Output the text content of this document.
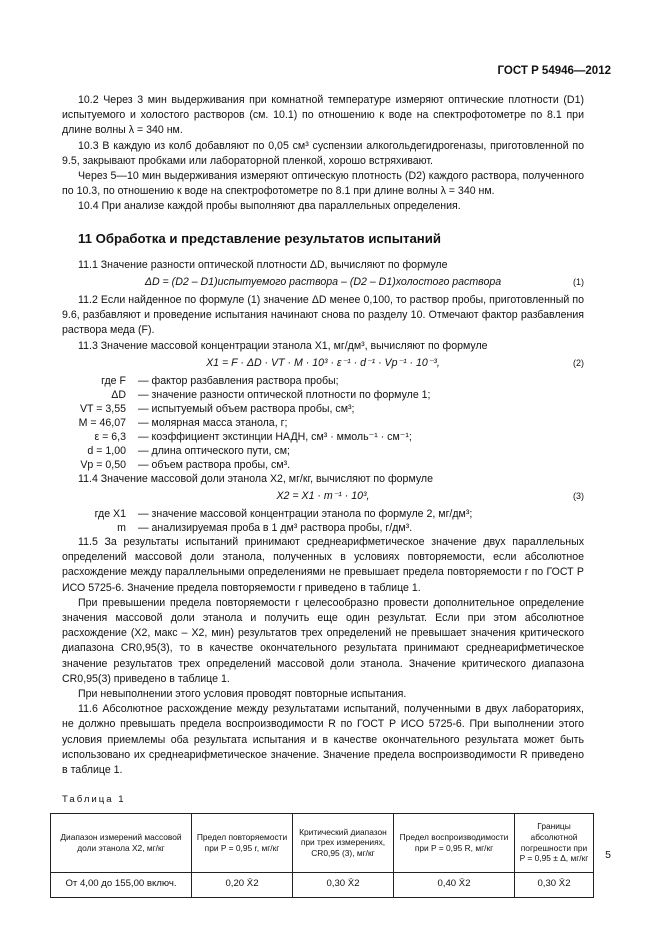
ГОСТ Р 54946—2012

10.2 Через 3 мин выдерживания при комнатной температуре измеряют оптические плотности (D1) испытуемого и холостого растворов (см. 10.1) по отношению к воде на спектрофотометре по 8.1 при длине волны λ = 340 нм.

10.3 В каждую из колб добавляют по 0,05 см³ суспензии алкогольдегидрогеназы, приготовленной по 9.5, закрывают пробками или лабораторной пленкой, хорошо встряхивают.

Через 5—10 мин выдерживания измеряют оптическую плотность (D2) каждого раствора, полученного по 10.3, по отношению к воде на спектрофотометре по 8.1 при длине волны λ = 340 нм.

10.4 При анализе каждой пробы выполняют два параллельных определения.

11 Обработка и представление результатов испытаний

11.1 Значение разности оптической плотности ΔD, вычисляют по формуле

ΔD = (D2 – D1)испытуемого раствора – (D2 – D1)холостого раствора	(1)

11.2 Если найденное по формуле (1) значение ΔD менее 0,100, то раствор пробы, приготовленный по 9.6, разбавляют и проведение испытания начинают снова по разделу 10. Отмечают фактор разбавления раствора меда (F).

11.3 Значение массовой концентрации этанола X1, мг/дм³, вычисляют по формуле

X1 = F · ΔD · VT · M · 10³ · ε⁻¹ · d⁻¹ · Vp⁻¹ · 10⁻³,	(2)
где F — фактор разбавления раствора пробы;
ΔD — значение разности оптической плотности по формуле 1;
VT = 3,55 — испытуемый объем раствора пробы, см³;
M = 46,07 — молярная масса этанола, г;
ε = 6,3 — коэффициент экстинции НАДН, см³ · ммоль⁻¹ · см⁻¹;
d = 1,00 — длина оптического пути, см;
Vp = 0,50 — объем раствора пробы, см³.

11.4 Значение массовой доли этанола X2, мг/кг, вычисляют по формуле

X2 = X1 · m⁻¹ · 10³,	(3)
где X1 — значение массовой концентрации этанола по формуле 2, мг/дм³;
m — анализируемая проба в 1 дм³ раствора пробы, г/дм³.

11.5 За результаты испытаний принимают среднеарифметическое значение двух параллельных определений массовой доли этанола, полученных в условиях повторяемости, если абсолютное расхождение между параллельными определениями не превышает предела повторяемости r по ГОСТ Р ИСО 5725-6. Значение предела повторяемости r приведено в таблице 1.

При превышении предела повторяемости r целесообразно провести дополнительное определение значения массовой доли этанола и получить еще один результат. Если при этом абсолютное расхождение (X2, макс – X2, мин) результатов трех определений не превышает значения критического диапазона CR0,95(3), то в качестве окончательного результата принимают среднеарифметическое значение результатов трех определений массовой доли этанола. Значение критического диапазона CR0,95(3) приведено в таблице 1.

При невыполнении этого условия проводят повторные испытания.

11.6 Абсолютное расхождение между результатами испытаний, полученными в двух лабораториях, не должно превышать предела воспроизводимости R по ГОСТ Р ИСО 5725-6. При выполнении этого условия приемлемы оба результата испытания и в качестве окончательного результата может быть использовано их среднеарифметическое значение. Значение предела воспроизводимости R приведено в таблице 1.

Таблица 1
Диапазон измерений массовой доли этанола X2, мг/кг	Предел повторяемости при P = 0,95 r, мг/кг	Критический диапазон при трех измерениях, CR0,95 (3), мг/кг	Предел воспроизводимости при P = 0,95 R, мг/кг	Границы абсолютной погрешности при P = 0,95 ± Δ, мг/кг
От 4,00 до 155,00 включ.	0,20 X̄2	0,30 X̄2	0,40 X̄2	0,30 X̄2
5
